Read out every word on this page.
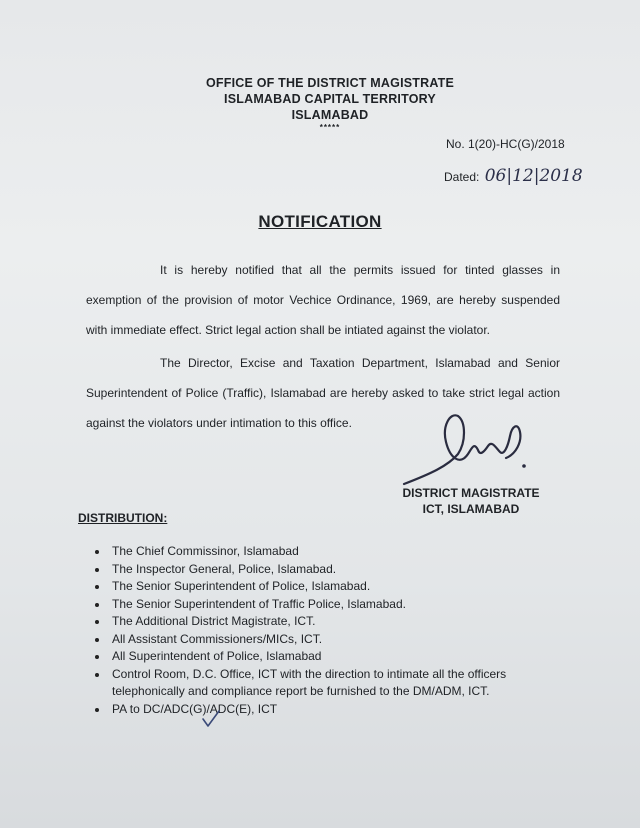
OFFICE OF THE DISTRICT MAGISTRATE
ISLAMABAD CAPITAL TERRITORY
ISLAMABAD
*****
No. 1(20)-HC(G)/2018
Dated: 06|12|2018
NOTIFICATION

It is hereby notified that all the permits issued for tinted glasses in exemption of the provision of motor Vechice Ordinance, 1969, are hereby suspended with immediate effect. Strict legal action shall be intiated against the violator.

The Director, Excise and Taxation Department, Islamabad and Senior Superintendent of Police (Traffic), Islamabad are hereby asked to take strict legal action against the violators under intimation to this office.

DISTRICT MAGISTRATE
ICT, ISLAMABAD
DISTRIBUTION:
The Chief Commissinor, Islamabad
The Inspector General, Police, Islamabad.
The Senior Superintendent of Police, Islamabad.
The Senior Superintendent of Traffic Police, Islamabad.
The Additional District Magistrate, ICT.
All Assistant Commissioners/MICs, ICT.
All Superintendent of Police, Islamabad
Control Room, D.C. Office, ICT with the direction to intimate all the officers telephonically and compliance report be furnished to the DM/ADM, ICT.
PA to DC/ADC(G)/ADC(E), ICT
